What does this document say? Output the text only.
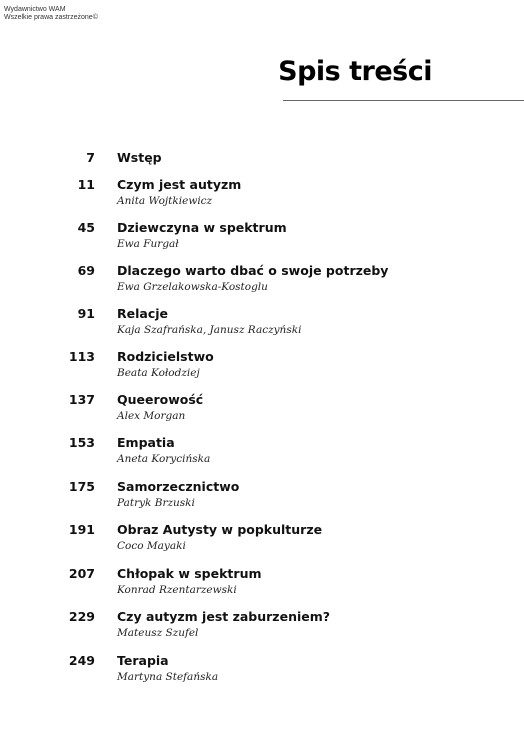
Wydawnictwo WAM
Wszelkie prawa zastrzeżone©
Spis treści
7 Wstęp
11 Czym jest autyzm
Anita Wojtkiewicz
45 Dziewczyna w spektrum
Ewa Furgał
69 Dlaczego warto dbać o swoje potrzeby
Ewa Grzelakowska-Kostoglu
91 Relacje
Kaja Szafrańska, Janusz Raczyński
113 Rodzicielstwo
Beata Kołodziej
137 Queerowość
Alex Morgan
153 Empatia
Aneta Korycińska
175 Samorzecznictwo
Patryk Brzuski
191 Obraz Autysty w popkulturze
Coco Mayaki
207 Chłopak w spektrum
Konrad Rzentarzewski
229 Czy autyzm jest zaburzeniem?
Mateusz Szufel
249 Terapia
Martyna Stefańska
